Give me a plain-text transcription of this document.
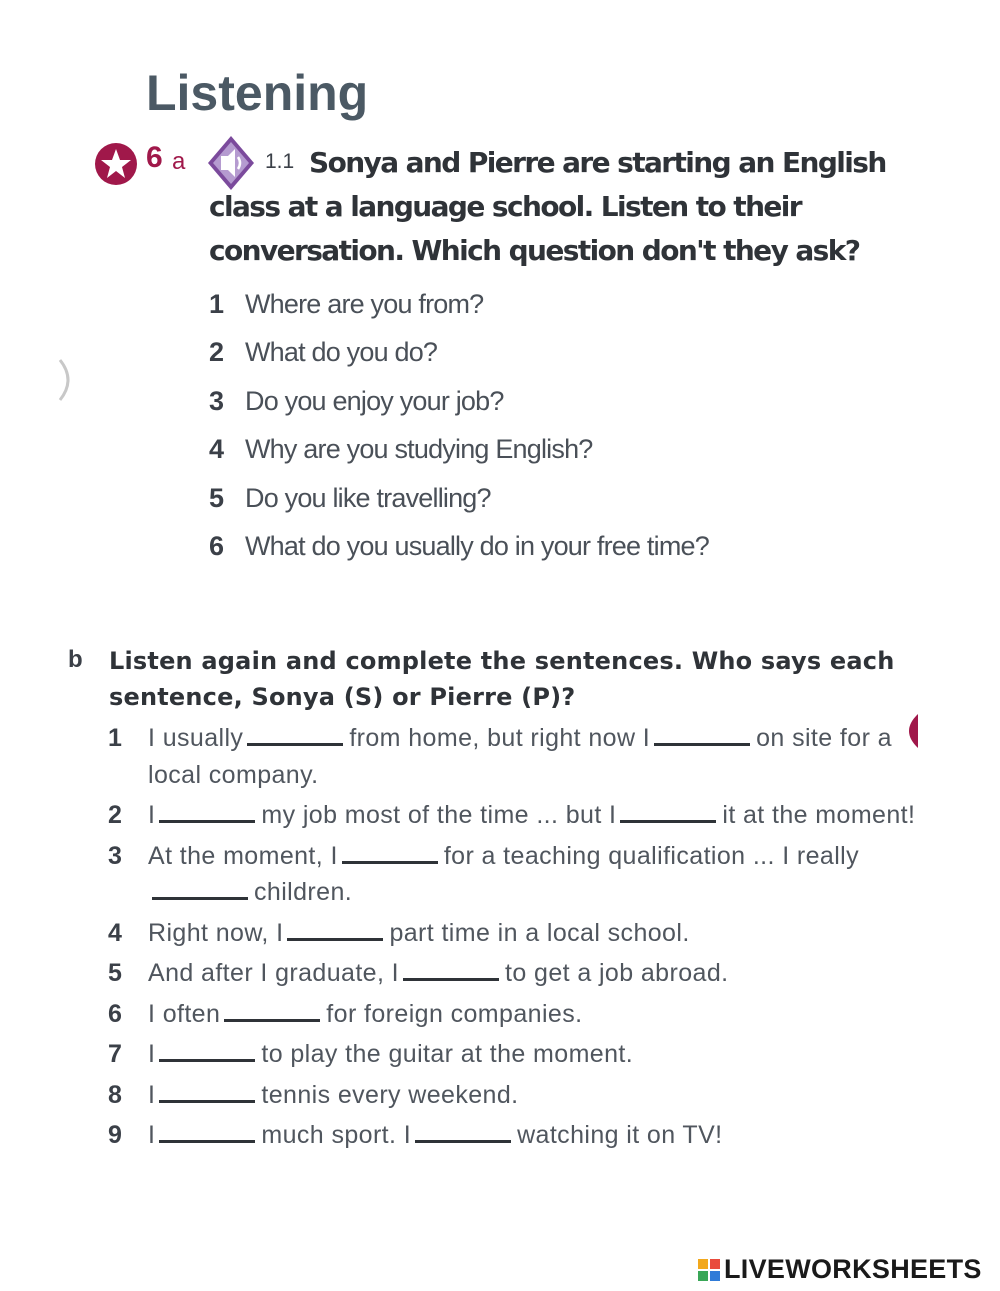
Listening
6 a	1.1 Sonya and Pierre are starting an English class at a language school. Listen to their conversation. Which question don't they ask?
1 Where are you from?
2 What do you do?
3 Do you enjoy your job?
4 Why are you studying English?
5 Do you like travelling?
6 What do you usually do in your free time?
b Listen again and complete the sentences. Who says each sentence, Sonya (S) or Pierre (P)?
1	I usually	from home, but right now I	on site for a local company.
2	I	my job most of the time ... but I	it at the moment!
3	At the moment, I	for a teaching qualification ... I reallychildren.
4	Right now, I	part time in a local school.
5	And after I graduate, I	to get a job abroad.
6	I often	for foreign companies.
7	I	to play the guitar at the moment.
8	I	tennis every weekend.
9	I	much sport. I	watching it on TV!
LIVEWORKSHEETS
